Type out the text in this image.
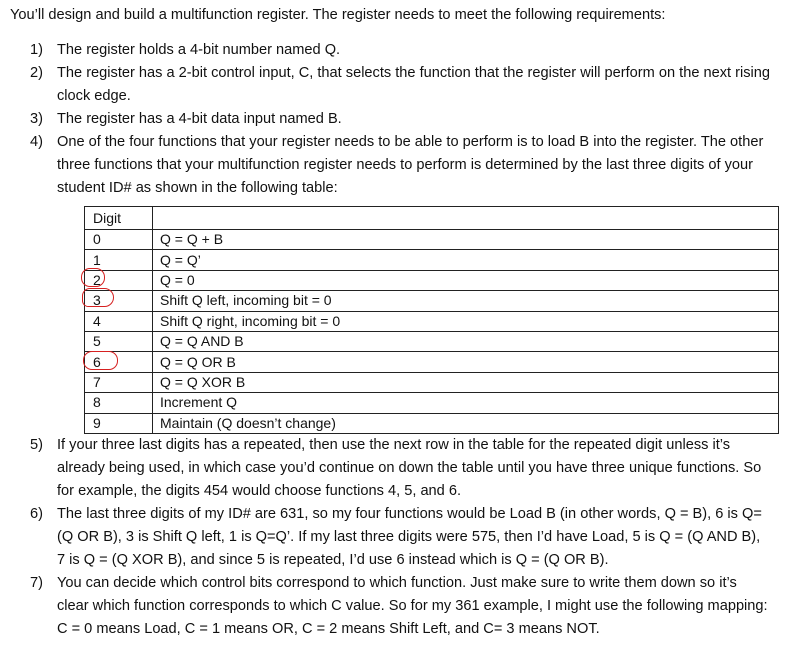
You’ll design and build a multifunction register. The register needs to meet the following requirements:
1) The register holds a 4-bit number named Q.
2) The register has a 2-bit control input, C, that selects the function that the register will perform on the next rising clock edge.
3) The register has a 4-bit data input named B.
4) One of the four functions that your register needs to be able to perform is to load B into the register. The other three functions that your multifunction register needs to perform is determined by the last three digits of your student ID# as shown in the following table:
Digit	
0	Q = Q + B
1	Q = Q’
2	Q = 0
3	Shift Q left, incoming bit = 0
4	Shift Q right, incoming bit = 0
5	Q = Q AND B
6	Q = Q OR B
7	Q = Q XOR B
8	Increment Q
9	Maintain (Q doesn’t change)
5) If your three last digits has a repeated, then use the next row in the table for the repeated digit unless it’s already being used, in which case you’d continue on down the table until you have three unique functions. So for example, the digits 454 would choose functions 4, 5, and 6.
6) The last three digits of my ID# are 631, so my four functions would be Load B (in other words, Q = B), 6 is Q=(Q OR B), 3 is Shift Q left, 1 is Q=Q’. If my last three digits were 575, then I’d have Load, 5 is Q = (Q AND B), 7 is Q = (Q XOR B), and since 5 is repeated, I’d use 6 instead which is Q = (Q OR B).
7) You can decide which control bits correspond to which function. Just make sure to write them down so it’s clear which function corresponds to which C value. So for my 361 example, I might use the following mapping: C = 0 means Load, C = 1 means OR, C = 2 means Shift Left, and C= 3 means NOT.
